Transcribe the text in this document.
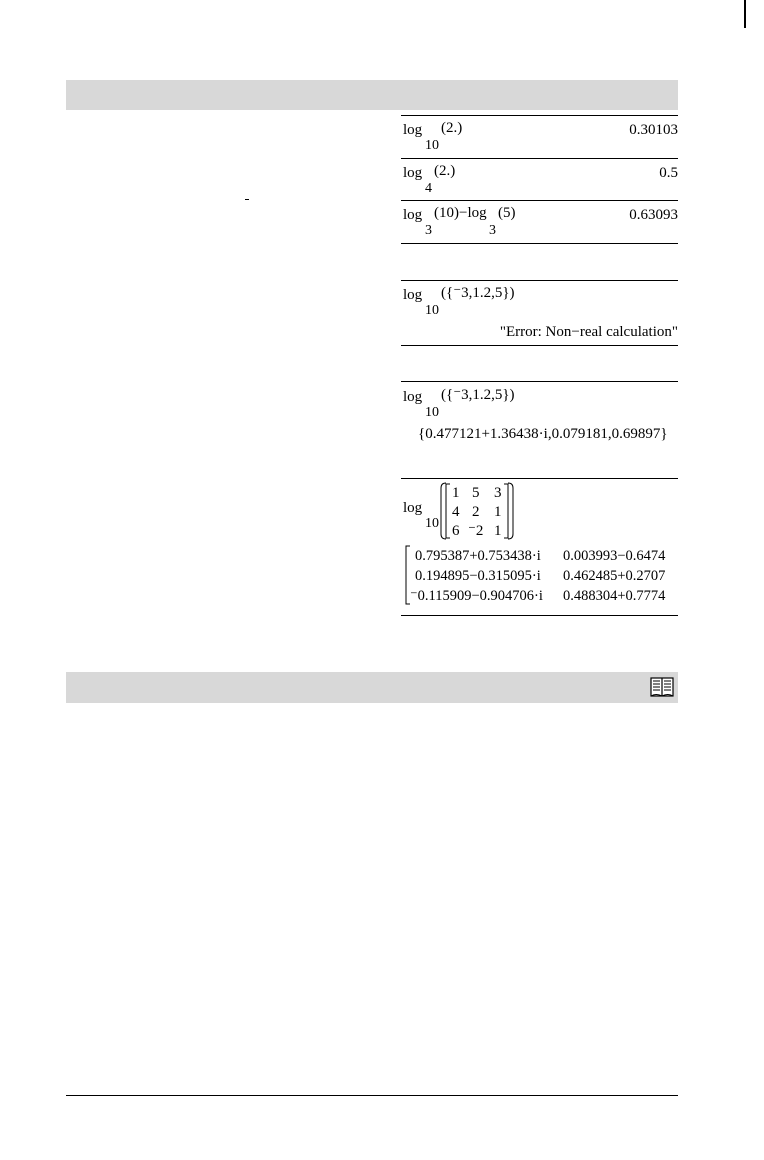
log
10
(2.)	0.30103
log
4
(2.)	0.5
log
3
(10)−log
3
(5)	0.63093
log
10
({⁻3,1.2,5})
"Error: Non−real calculation"
log
10
({⁻3,1.2,5})
{0.477121+1.36438·i,0.079181,0.69897}
log
10
1 5 3
4 2 1
6 ⁻2 1
0.795387+0.753438·i 0.003993−0.6474
0.194895−0.315095·i 0.462485+0.2707
⁻0.115909−0.904706·i 0.488304+0.7774
